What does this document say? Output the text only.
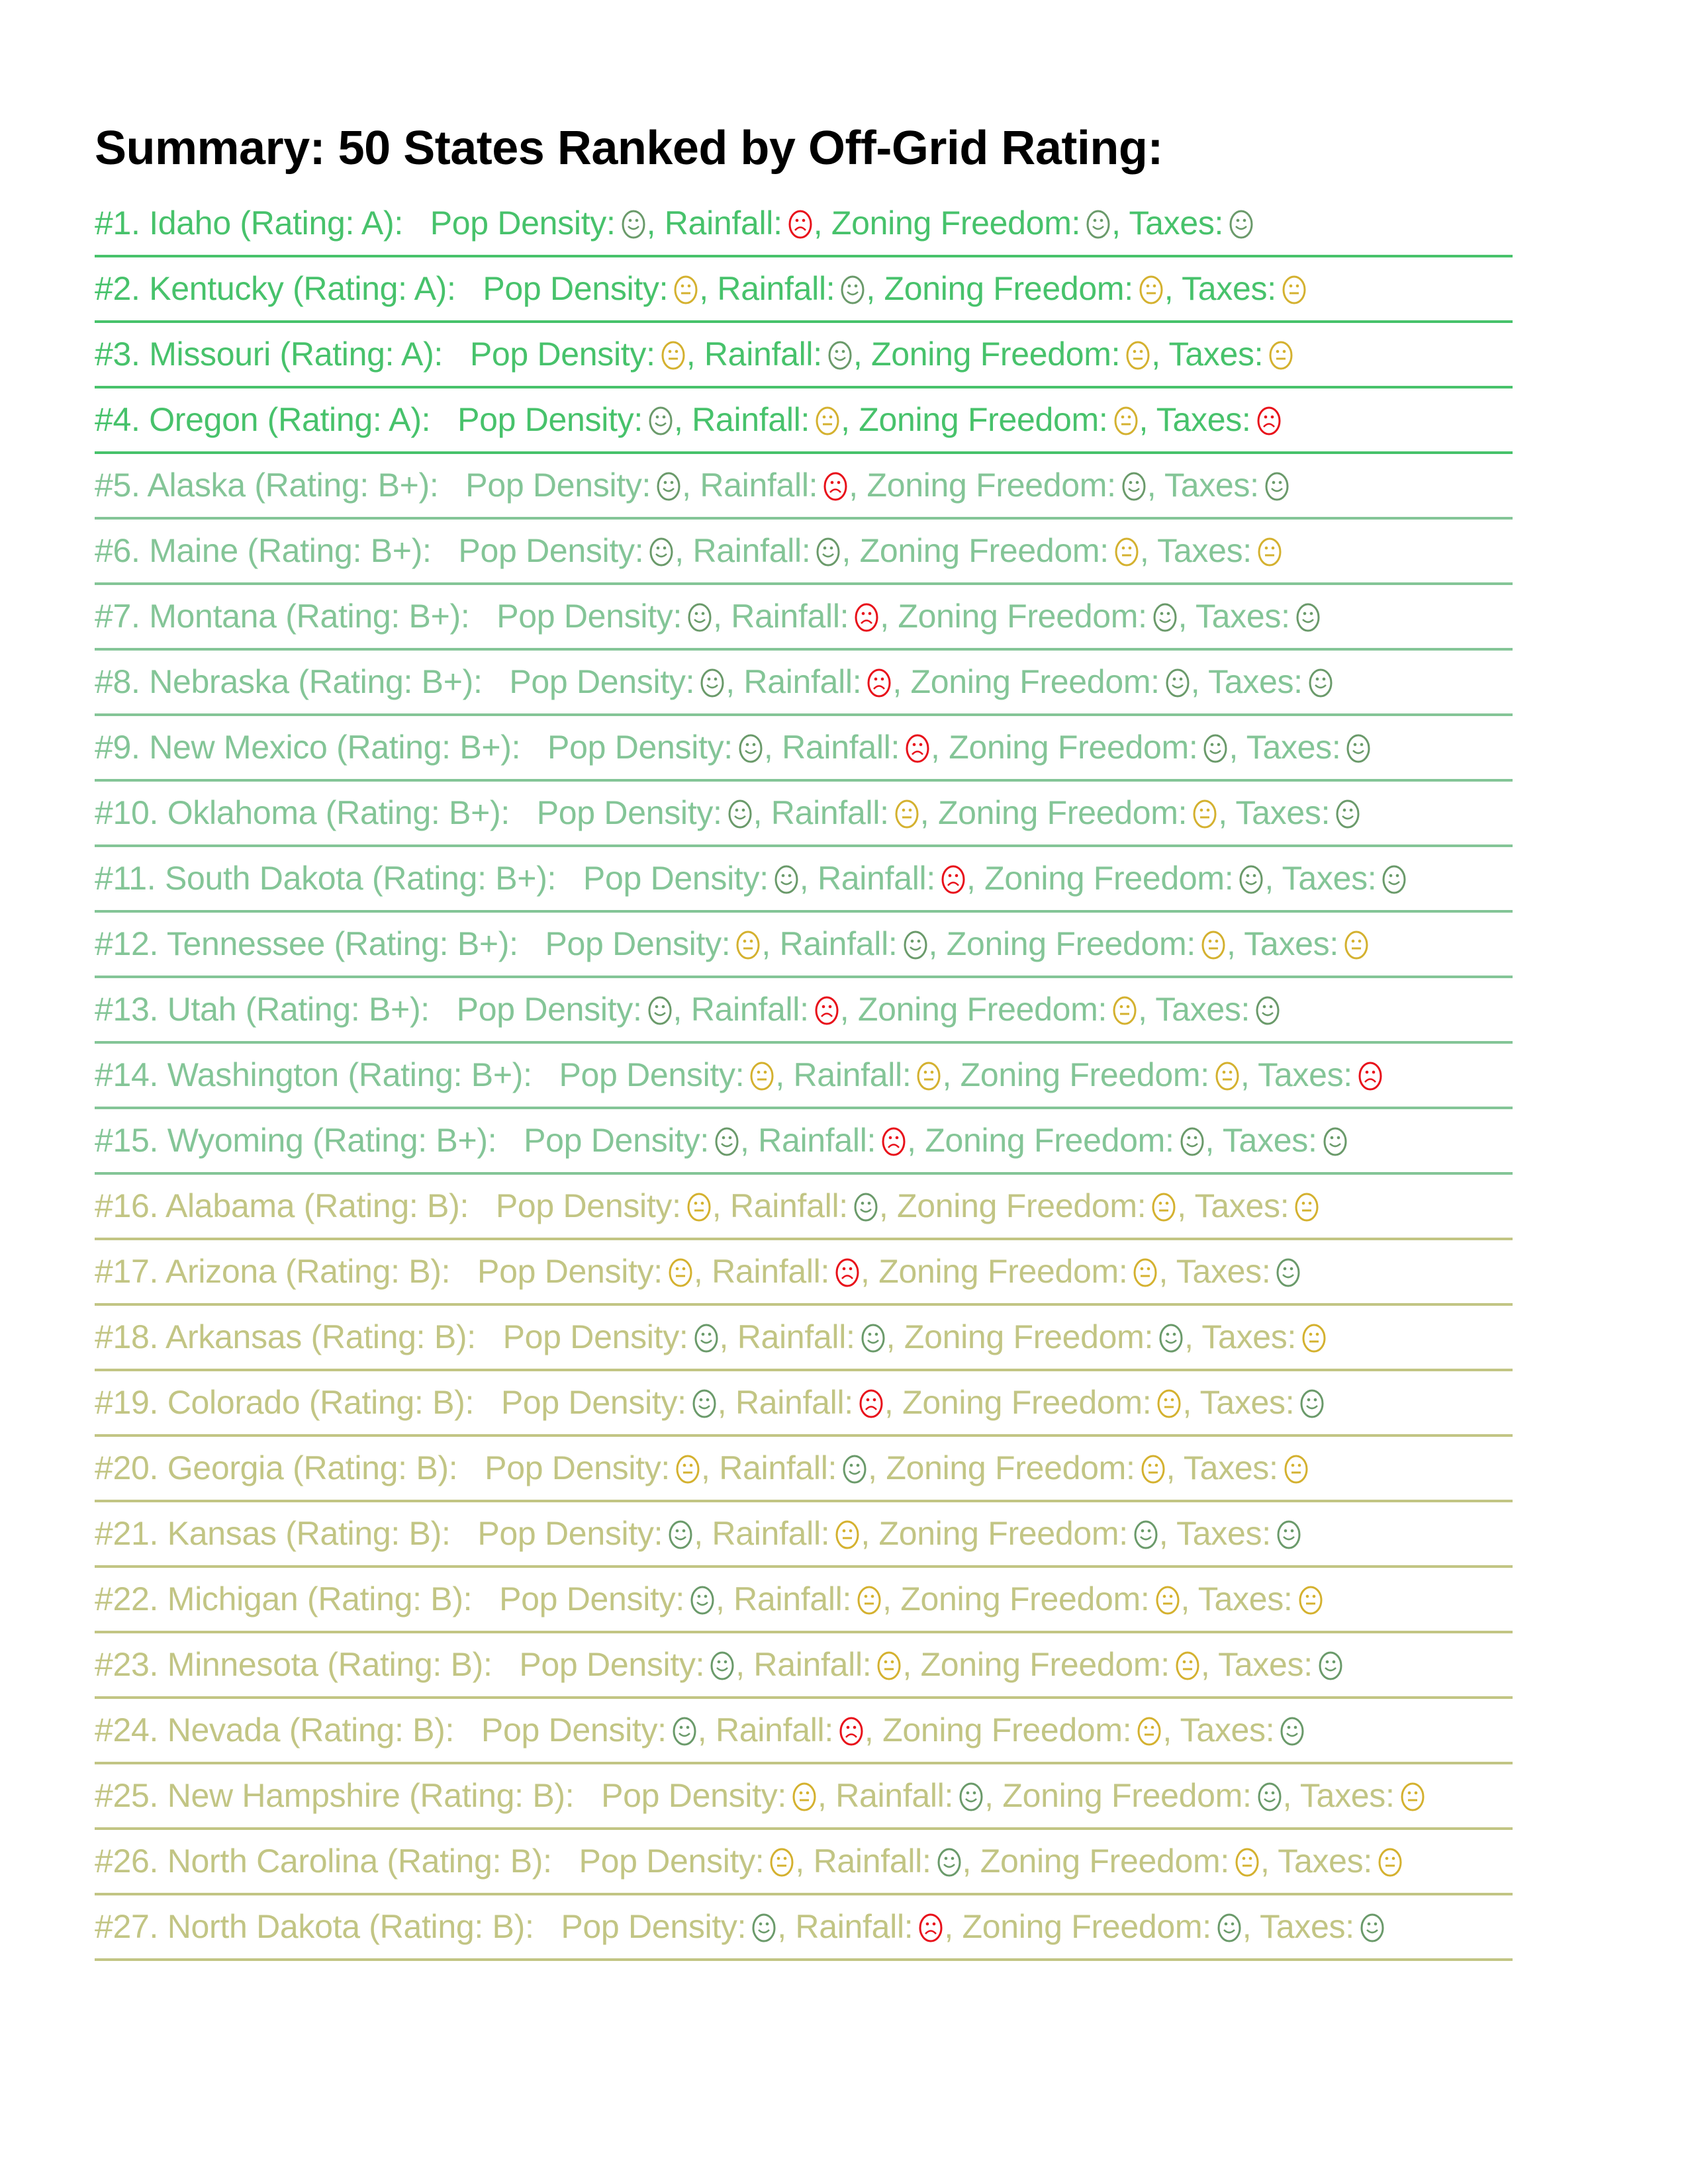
Summary: 50 States Ranked by Off-Grid Rating:
#1. Idaho (Rating: A):   Pop Density: , Rainfall: , Zoning Freedom: , Taxes:
#2. Kentucky (Rating: A):   Pop Density: , Rainfall: , Zoning Freedom: , Taxes:
#3. Missouri (Rating: A):   Pop Density: , Rainfall: , Zoning Freedom: , Taxes:
#4. Oregon (Rating: A):   Pop Density: , Rainfall: , Zoning Freedom: , Taxes:
#5. Alaska (Rating: B+):   Pop Density: , Rainfall: , Zoning Freedom: , Taxes:
#6. Maine (Rating: B+):   Pop Density: , Rainfall: , Zoning Freedom: , Taxes:
#7. Montana (Rating: B+):   Pop Density: , Rainfall: , Zoning Freedom: , Taxes:
#8. Nebraska (Rating: B+):   Pop Density: , Rainfall: , Zoning Freedom: , Taxes:
#9. New Mexico (Rating: B+):   Pop Density: , Rainfall: , Zoning Freedom: , Taxes:
#10. Oklahoma (Rating: B+):   Pop Density: , Rainfall: , Zoning Freedom: , Taxes:
#11. South Dakota (Rating: B+):   Pop Density: , Rainfall: , Zoning Freedom: , Taxes:
#12. Tennessee (Rating: B+):   Pop Density: , Rainfall: , Zoning Freedom: , Taxes:
#13. Utah (Rating: B+):   Pop Density: , Rainfall: , Zoning Freedom: , Taxes:
#14. Washington (Rating: B+):   Pop Density: , Rainfall: , Zoning Freedom: , Taxes:
#15. Wyoming (Rating: B+):   Pop Density: , Rainfall: , Zoning Freedom: , Taxes:
#16. Alabama (Rating: B):   Pop Density: , Rainfall: , Zoning Freedom: , Taxes:
#17. Arizona (Rating: B):   Pop Density: , Rainfall: , Zoning Freedom: , Taxes:
#18. Arkansas (Rating: B):   Pop Density: , Rainfall: , Zoning Freedom: , Taxes:
#19. Colorado (Rating: B):   Pop Density: , Rainfall: , Zoning Freedom: , Taxes:
#20. Georgia (Rating: B):   Pop Density: , Rainfall: , Zoning Freedom: , Taxes:
#21. Kansas (Rating: B):   Pop Density: , Rainfall: , Zoning Freedom: , Taxes:
#22. Michigan (Rating: B):   Pop Density: , Rainfall: , Zoning Freedom: , Taxes:
#23. Minnesota (Rating: B):   Pop Density: , Rainfall: , Zoning Freedom: , Taxes:
#24. Nevada (Rating: B):   Pop Density: , Rainfall: , Zoning Freedom: , Taxes:
#25. New Hampshire (Rating: B):   Pop Density: , Rainfall: , Zoning Freedom: , Taxes:
#26. North Carolina (Rating: B):   Pop Density: , Rainfall: , Zoning Freedom: , Taxes:
#27. North Dakota (Rating: B):   Pop Density: , Rainfall: , Zoning Freedom: , Taxes:
